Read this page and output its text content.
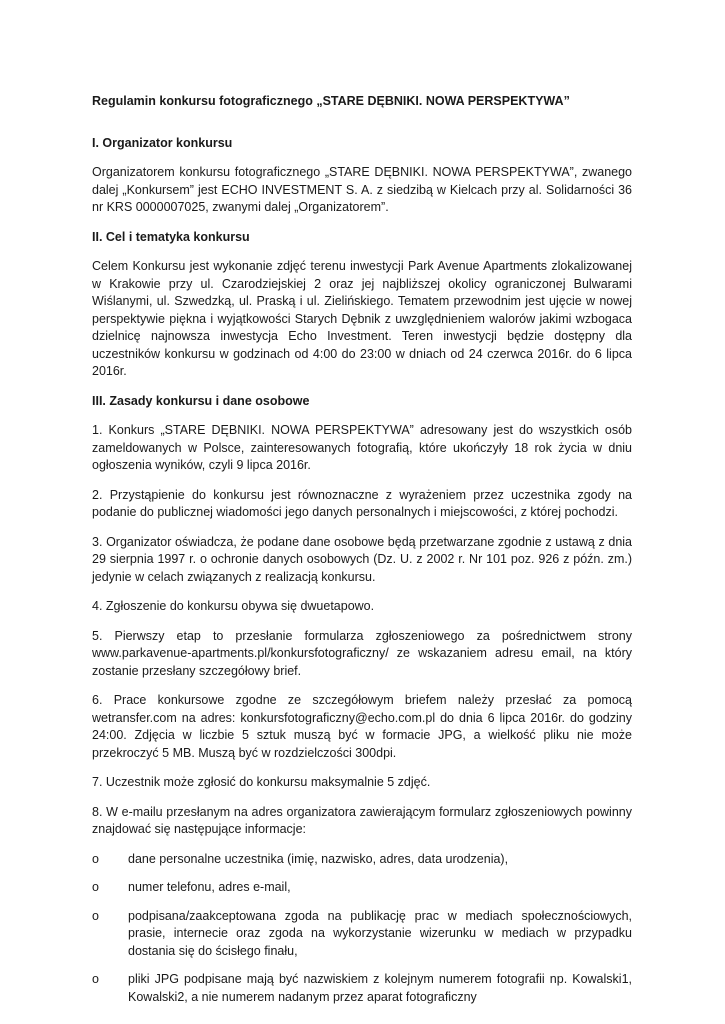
Regulamin konkursu fotograficznego „STARE DĘBNIKI. NOWA PERSPEKTYWA”
I. Organizator konkursu

Organizatorem konkursu fotograficznego „STARE DĘBNIKI. NOWA PERSPEKTYWA”, zwanego dalej „Konkursem” jest ECHO INVESTMENT S. A. z siedzibą w Kielcach przy al. Solidarności 36 nr KRS 0000007025, zwanymi dalej „Organizatorem”.

II. Cel i tematyka konkursu

Celem Konkursu jest wykonanie zdjęć terenu inwestycji Park Avenue Apartments zlokalizowanej w Krakowie przy ul. Czarodziejskiej 2 oraz jej najbliższej okolicy ograniczonej Bulwarami Wiślanymi, ul. Szwedzką, ul. Praską i ul. Zielińskiego. Tematem przewodnim jest ujęcie w nowej perspektywie piękna i wyjątkowości Starych Dębnik z uwzględnieniem walorów jakimi wzbogaca dzielnicę najnowsza inwestycja Echo Investment. Teren inwestycji będzie dostępny dla uczestników konkursu w godzinach od 4:00 do 23:00 w dniach od 24 czerwca 2016r. do 6 lipca 2016r.

III. Zasady konkursu i dane osobowe

1. Konkurs „STARE DĘBNIKI. NOWA PERSPEKTYWA” adresowany jest do wszystkich osób zameldowanych w Polsce, zainteresowanych fotografią, które ukończyły 18 rok życia w dniu ogłoszenia wyników, czyli 9 lipca 2016r.

2. Przystąpienie do konkursu jest równoznaczne z wyrażeniem przez uczestnika zgody na podanie do publicznej wiadomości jego danych personalnych i miejscowości, z której pochodzi.

3. Organizator oświadcza, że podane dane osobowe będą przetwarzane zgodnie z ustawą z dnia 29 sierpnia 1997 r. o ochronie danych osobowych (Dz. U. z 2002 r. Nr 101 poz. 926 z późn. zm.) jedynie w celach związanych z realizacją konkursu.

4. Zgłoszenie do konkursu obywa się dwuetapowo.

5. Pierwszy etap to przesłanie formularza zgłoszeniowego za pośrednictwem strony www.parkavenue-apartments.pl/konkursfotograficzny/ ze wskazaniem adresu email, na który zostanie przesłany szczegółowy brief.

6. Prace konkursowe zgodne ze szczegółowym briefem należy przesłać za pomocą wetransfer.com na adres: konkursfotograficzny@echo.com.pl do dnia 6 lipca 2016r. do godziny 24:00. Zdjęcia w liczbie 5 sztuk muszą być w formacie JPG, a wielkość pliku nie może przekroczyć 5 MB. Muszą być w rozdzielczości 300dpi.

7. Uczestnik może zgłosić do konkursu maksymalnie 5 zdjęć.

8. W e-mailu przesłanym na adres organizatora zawierającym formularz zgłoszeniowych powinny znajdować się następujące informacje:

o dane personalne uczestnika (imię, nazwisko, adres, data urodzenia),
o numer telefonu, adres e-mail,
o podpisana/zaakceptowana zgoda na publikację prac w mediach społecznościowych, prasie, internecie oraz zgoda na wykorzystanie wizerunku w mediach w przypadku dostania się do ścisłego finału,
o pliki JPG podpisane mają być nazwiskiem z kolejnym numerem fotografii np. Kowalski1, Kowalski2, a nie numerem nadanym przez aparat fotograficzny
